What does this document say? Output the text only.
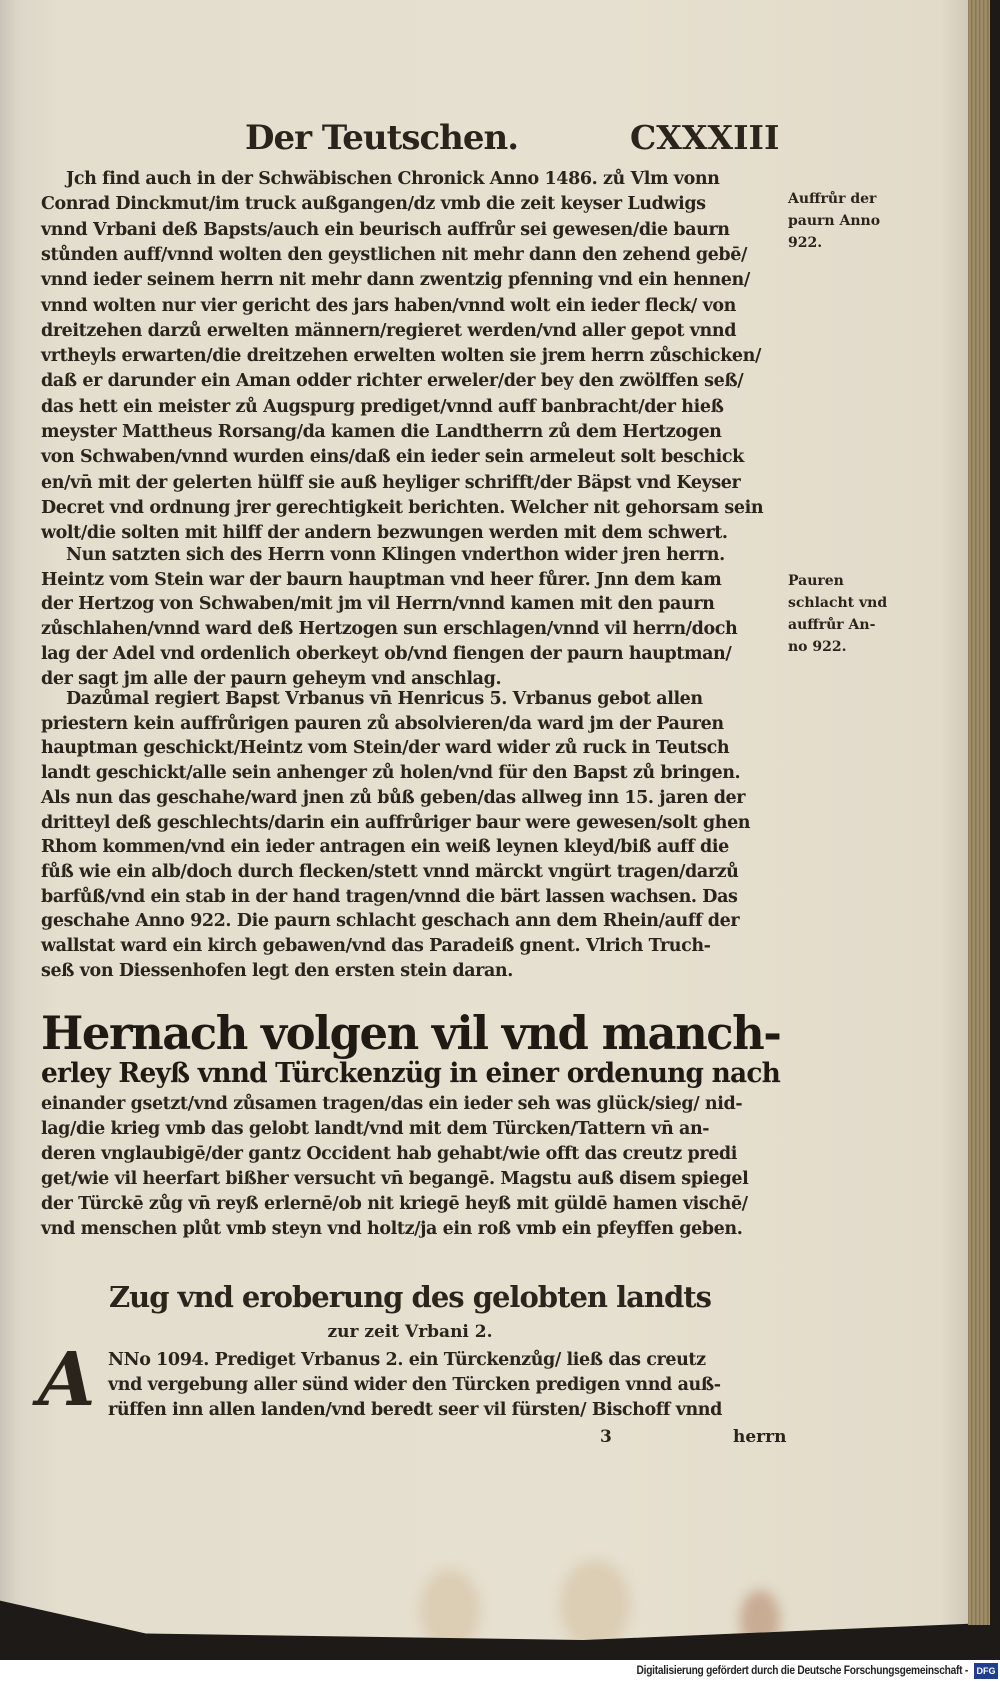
Der Teutschen.	CXXXIII
Jch find auch in der Schwäbischen Chronick Anno 1486. zů Vlm vonn
Conrad Dinckmut/im truck außgangen/dz vmb die zeit keyser Ludwigs
vnnd Vrbani deß Bapsts/auch ein beurisch auffrůr sei gewesen/die baurn
stůnden auff/vnnd wolten den geystlichen nit mehr dann den zehend gebē/
vnnd ieder seinem herrn nit mehr dann zwentzig pfenning vnd ein hennen/
vnnd wolten nur vier gericht des jars haben/vnnd wolt ein ieder fleck/ von
dreitzehen darzů erwelten männern/regieret werden/vnd aller gepot vnnd
vrtheyls erwarten/die dreitzehen erwelten wolten sie jrem herrn zůschicken/
daß er darunder ein Aman odder richter erweler/der bey den zwölffen seß/
das hett ein meister zů Augspurg prediget/vnnd auff banbracht/der hieß
meyster Mattheus Rorsang/da kamen die Landtherrn zů dem Hertzogen
von Schwaben/vnnd wurden eins/daß ein ieder sein armeleut solt beschick
en/vn̄ mit der gelerten hülff sie auß heyliger schrifft/der Bäpst vnd Keyser
Decret vnd ordnung jrer gerechtigkeit berichten. Welcher nit gehorsam sein
wolt/die solten mit hilff der andern bezwungen werden mit dem schwert.
Nun satzten sich des Herrn vonn Klingen vnderthon wider jren herrn.
Heintz vom Stein war der baurn hauptman vnd heer fůrer. Jnn dem kam
der Hertzog von Schwaben/mit jm vil Herrn/vnnd kamen mit den paurn
zůschlahen/vnnd ward deß Hertzogen sun erschlagen/vnnd vil herrn/doch
lag der Adel vnd ordenlich oberkeyt ob/vnd fiengen der paurn hauptman/
der sagt jm alle der paurn geheym vnd anschlag.
Dazůmal regiert Bapst Vrbanus vn̄ Henricus 5. Vrbanus gebot allen
priestern kein auffrůrigen pauren zů absolvieren/da ward jm der Pauren
hauptman geschickt/Heintz vom Stein/der ward wider zů ruck in Teutsch
landt geschickt/alle sein anhenger zů holen/vnd für den Bapst zů bringen.
Als nun das geschahe/ward jnen zů bůß geben/das allweg inn 15. jaren der
dritteyl deß geschlechts/darin ein auffrůriger baur were gewesen/solt ghen
Rhom kommen/vnd ein ieder antragen ein weiß leynen kleyd/biß auff die
fůß wie ein alb/doch durch flecken/stett vnnd märckt vngürt tragen/darzů
barfůß/vnd ein stab in der hand tragen/vnnd die bärt lassen wachsen. Das
geschahe Anno 922. Die paurn schlacht geschach ann dem Rhein/auff der
wallstat ward ein kirch gebawen/vnd das Paradeiß gnent. Vlrich Truch-
seß von Diessenhofen legt den ersten stein daran.
Auffrůr der
paurn Anno
922.
Pauren
schlacht vnd
auffrůr An-
no 922.
Hernach volgen vil vnd manch-
erley Reyß vnnd Türckenzüg in einer ordenung nach
einander gsetzt/vnd zůsamen tragen/das ein ieder seh was glück/sieg/ nid-
lag/die krieg vmb das gelobt landt/vnd mit dem Türcken/Tattern vn̄ an-
deren vnglaubigē/der gantz Occident hab gehabt/wie offt das creutz predi
get/wie vil heerfart bißher versucht vn̄ begangē. Magstu auß disem spiegel
der Türckē zůg vn̄ reyß erlernē/ob nit kriegē heyß mit güldē hamen vischē/
vnd menschen plůt vmb steyn vnd holtz/ja ein roß vmb ein pfeyffen geben.
Zug vnd eroberung des gelobten landts
zur zeit Vrbani 2.
A NNo 1094. Prediget Vrbanus 2. ein Türckenzůg/ ließ das creutz
vnd vergebung aller sünd wider den Türcken predigen vnnd auß-
rüffen inn allen landen/vnd beredt seer vil fürsten/ Bischoff vnnd
3	herrn
Digitalisierung gefördert durch die Deutsche Forschungsgemeinschaft - DFG
